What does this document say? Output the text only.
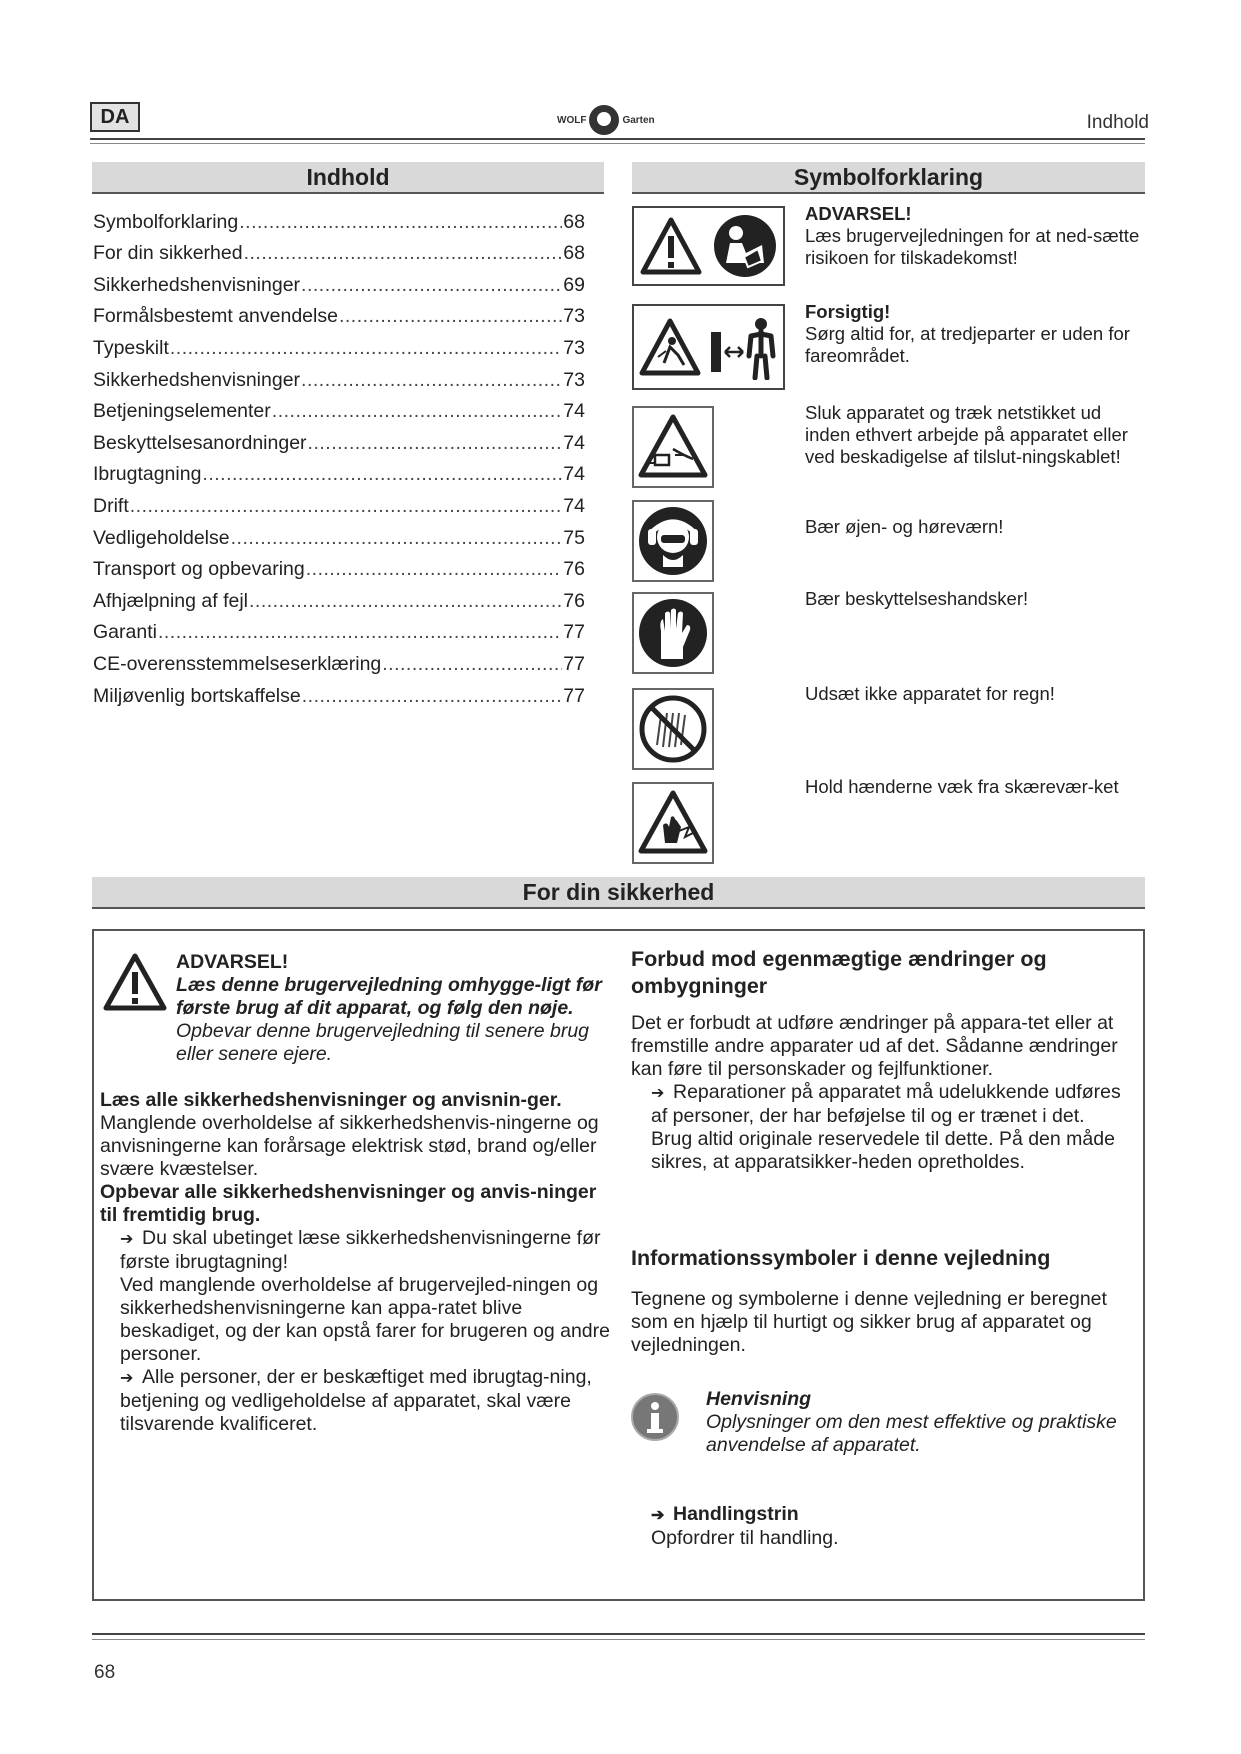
DA	WOLF	Garten	Indhold
Indhold
Symbolforklaring .....	68
For din sikkerhed .....	68
Sikkerhedshenvisninger .....	69
Formålsbestemt anvendelse .....	73
Typeskilt .....	73
Sikkerhedshenvisninger .....	73
Betjeningselementer .....	74
Beskyttelsesanordninger .....	74
Ibrugtagning .....	74
Drift .....	74
Vedligeholdelse .....	75
Transport og opbevaring .....	76
Afhjælpning af fejl .....	76
Garanti .....	77
CE-overensstemmelseserklæring .....	77
Miljøvenlig bortskaffelse .....	77
Symbolforklaring
ADVARSEL!
Læs brugervejledningen for at ned-sætte risikoen for tilskadekomst!
Forsigtig!
Sørg altid for, at tredjeparter er uden for fareområdet.
Sluk apparatet og træk netstikket ud inden ethvert arbejde på apparatet eller ved beskadigelse af tilslut-ningskablet!
Bær øjen- og høreværn!
Bær beskyttelseshandsker!
Udsæt ikke apparatet for regn!
Hold hænderne væk fra skærevær-ket
For din sikkerhed
ADVARSEL!
Læs denne brugervejledning omhygge-ligt før første brug af dit apparat, og følg den nøje. Opbevar denne brugervejledning til senere brug eller senere ejere.
Læs alle sikkerhedshenvisninger og anvisnin-ger. Manglende overholdelse af sikkerhedshenvis-ningerne og anvisningerne kan forårsage elektrisk stød, brand og/eller svære kvæstelser.
Opbevar alle sikkerhedshenvisninger og anvis-ninger til fremtidig brug.
➔ Du skal ubetinget læse sikkerhedshenvisningerne før første ibrugtagning!
Ved manglende overholdelse af brugervejled-ningen og sikkerhedshenvisningerne kan appa-ratet blive beskadiget, og der kan opstå farer for brugeren og andre personer.
➔ Alle personer, der er beskæftiget med ibrugtag-ning, betjening og vedligeholdelse af apparatet, skal være tilsvarende kvalificeret.
Forbud mod egenmægtige ændringer og ombygninger
Det er forbudt at udføre ændringer på appara-tet eller at fremstille andre apparater ud af det. Sådanne ændringer kan føre til personskader og fejlfunktioner.
➔ Reparationer på apparatet må udelukkende udføres af personer, der har beføjelse til og er trænet i det. Brug altid originale reservedele til dette. På den måde sikres, at apparatsikker-heden opretholdes.
Informationssymboler i denne vejledning
Tegnene og symbolerne i denne vejledning er beregnet som en hjælp til hurtigt og sikker brug af apparatet og vejledningen.
Henvisning
Oplysninger om den mest effektive og praktiske anvendelse af apparatet.
➔ Handlingstrin
Opfordrer til handling.
68
